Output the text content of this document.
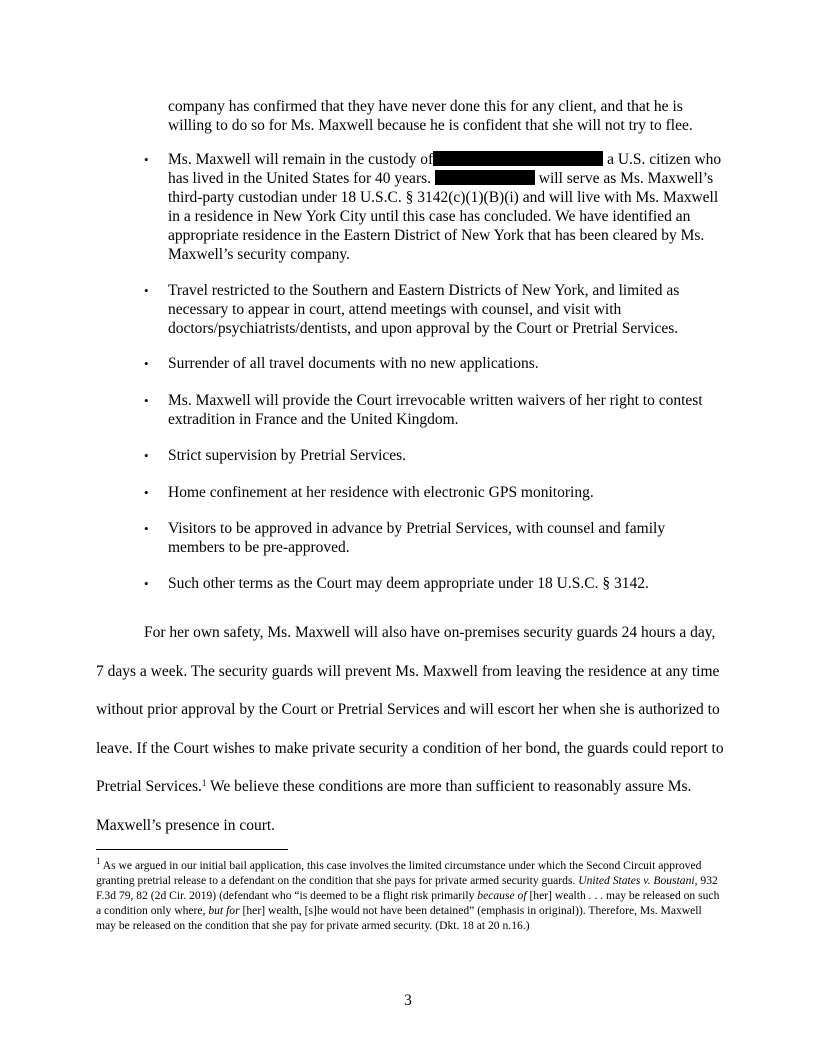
company has confirmed that they have never done this for any client, and that he is willing to do so for Ms. Maxwell because he is confident that she will not try to flee.

• Ms. Maxwell will remain in the custody of	a U.S. citizen who has lived in the United States for 40 years.	will serve as Ms. Maxwell’s third-party custodian under 18 U.S.C. § 3142(c)(1)(B)(i) and will live with Ms. Maxwell in a residence in New York City until this case has concluded. We have identified an appropriate residence in the Eastern District of New York that has been cleared by Ms. Maxwell’s security company.
• Travel restricted to the Southern and Eastern Districts of New York, and limited as necessary to appear in court, attend meetings with counsel, and visit with doctors/psychiatrists/dentists, and upon approval by the Court or Pretrial Services.
• Surrender of all travel documents with no new applications.
• Ms. Maxwell will provide the Court irrevocable written waivers of her right to contest extradition in France and the United Kingdom.
• Strict supervision by Pretrial Services.
• Home confinement at her residence with electronic GPS monitoring.
• Visitors to be approved in advance by Pretrial Services, with counsel and family members to be pre-approved.
• Such other terms as the Court may deem appropriate under 18 U.S.C. § 3142.

For her own safety, Ms. Maxwell will also have on-premises security guards 24 hours a day, 7 days a week. The security guards will prevent Ms. Maxwell from leaving the residence at any time without prior approval by the Court or Pretrial Services and will escort her when she is authorized to leave. If the Court wishes to make private security a condition of her bond, the guards could report to Pretrial Services.$^1$ We believe these conditions are more than sufficient to reasonably assure Ms. Maxwell’s presence in court.

$^1$ As we argued in our initial bail application, this case involves the limited circumstance under which the Second Circuit approved granting pretrial release to a defendant on the condition that she pays for private armed security guards. United States v. Boustani, 932 F.3d 79, 82 (2d Cir. 2019) (defendant who “is deemed to be a flight risk primarily because of [her] wealth . . . may be released on such a condition only where, but for [her] wealth, [s]he would not have been detained” (emphasis in original)). Therefore, Ms. Maxwell may be released on the condition that she pay for private armed security. (Dkt. 18 at 20 n.16.)

3
